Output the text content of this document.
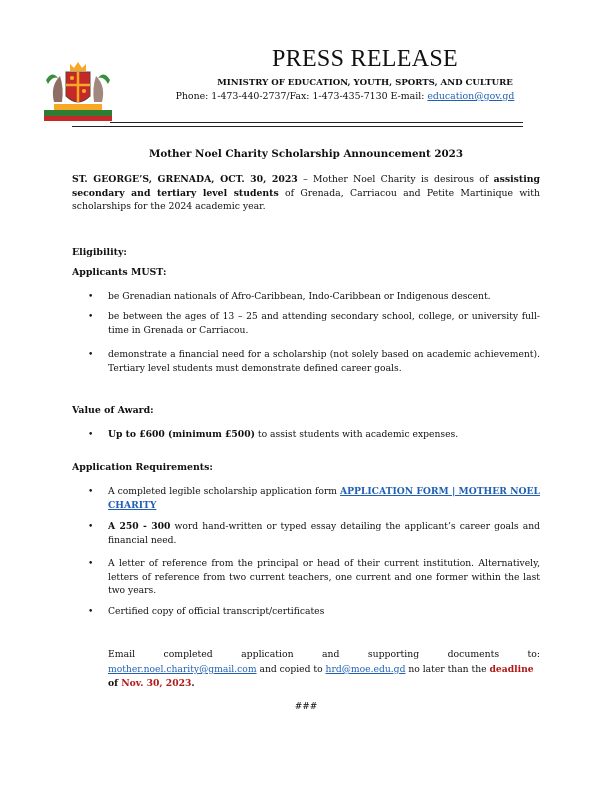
PRESS RELEASE
MINISTRY OF EDUCATION, YOUTH, SPORTS, AND CULTURE
Phone: 1-473-440-2737/Fax: 1-473-435-7130 E-mail: education@gov.gd
Mother Noel Charity Scholarship Announcement 2023
ST. GEORGE’S, GRENADA, OCT. 30, 2023 – Mother Noel Charity is desirous of assisting secondary and tertiary level students of Grenada, Carriacou and Petite Martinique with scholarships for the 2024 academic year.
Eligibility:
Applicants MUST:
• be Grenadian nationals of Afro-Caribbean, Indo-Caribbean or Indigenous descent.
• be between the ages of 13 – 25 and attending secondary school, college, or university full-time in Grenada or Carriacou.
• demonstrate a financial need for a scholarship (not solely based on academic achievement). Tertiary level students must demonstrate defined career goals.
Value of Award:
• Up to £600 (minimum £500) to assist students with academic expenses.
Application Requirements:
• A completed legible scholarship application form APPLICATION FORM | MOTHER NOEL CHARITY
• A 250 - 300 word hand-written or typed essay detailing the applicant’s career goals and financial need.
• A letter of reference from the principal or head of their current institution. Alternatively, letters of reference from two current teachers, one current and one former within the last two years.
• Certified copy of official transcript/certificates
Email	completed	application	and	supporting	documents	to:
mother.noel.charity@gmail.com and copied to hrd@moe.edu.gd no later than the deadline
of Nov. 30, 2023.
###
